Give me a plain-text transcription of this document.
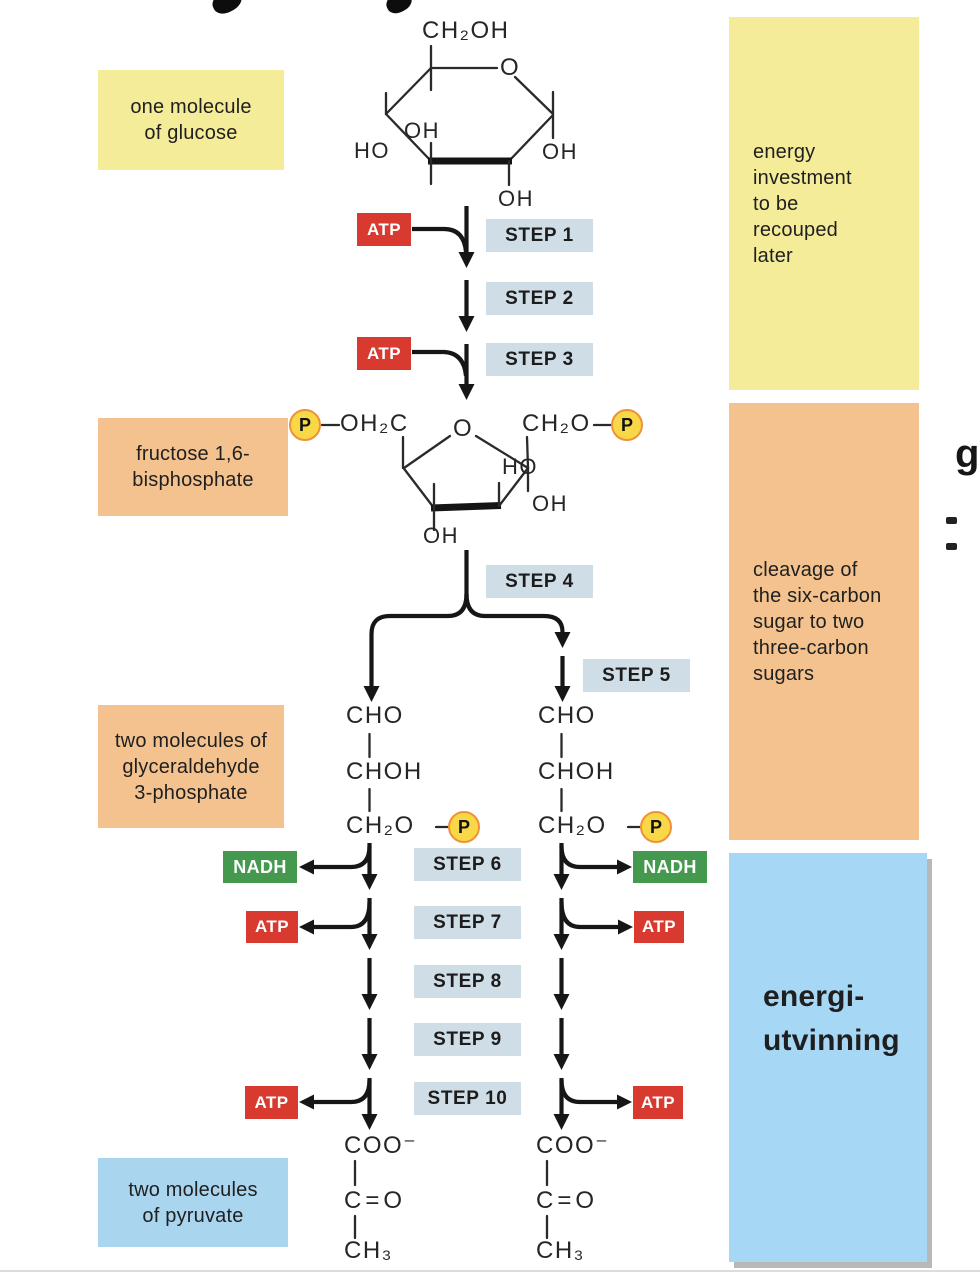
one molecule
of glucose
fructose 1,6-
bisphosphate
two molecules of
glyceraldehyde
3-phosphate
two molecules
of pyruvate
energy
investment
to be
recouped
later
cleavage of
the six-carbon
sugar to two
three-carbon
sugars
energi-
utvinning
STEP 1
STEP 2
STEP 3
STEP 4
STEP 5
STEP 6
STEP 7
STEP 8
STEP 9
STEP 10
ATP
ATP
NADH	NADH
ATP	ATP
ATP	ATP
P	P
P	P
CH₂OH
O
OH
HO	OH
OH
OH₂C O CH₂O
HO
OH
OH
CHO	CHO
CHOH	CHOH
CH₂O	CH₂O
COO⁻	COO⁻
C=O	C=O
CH₃	CH₃
g
